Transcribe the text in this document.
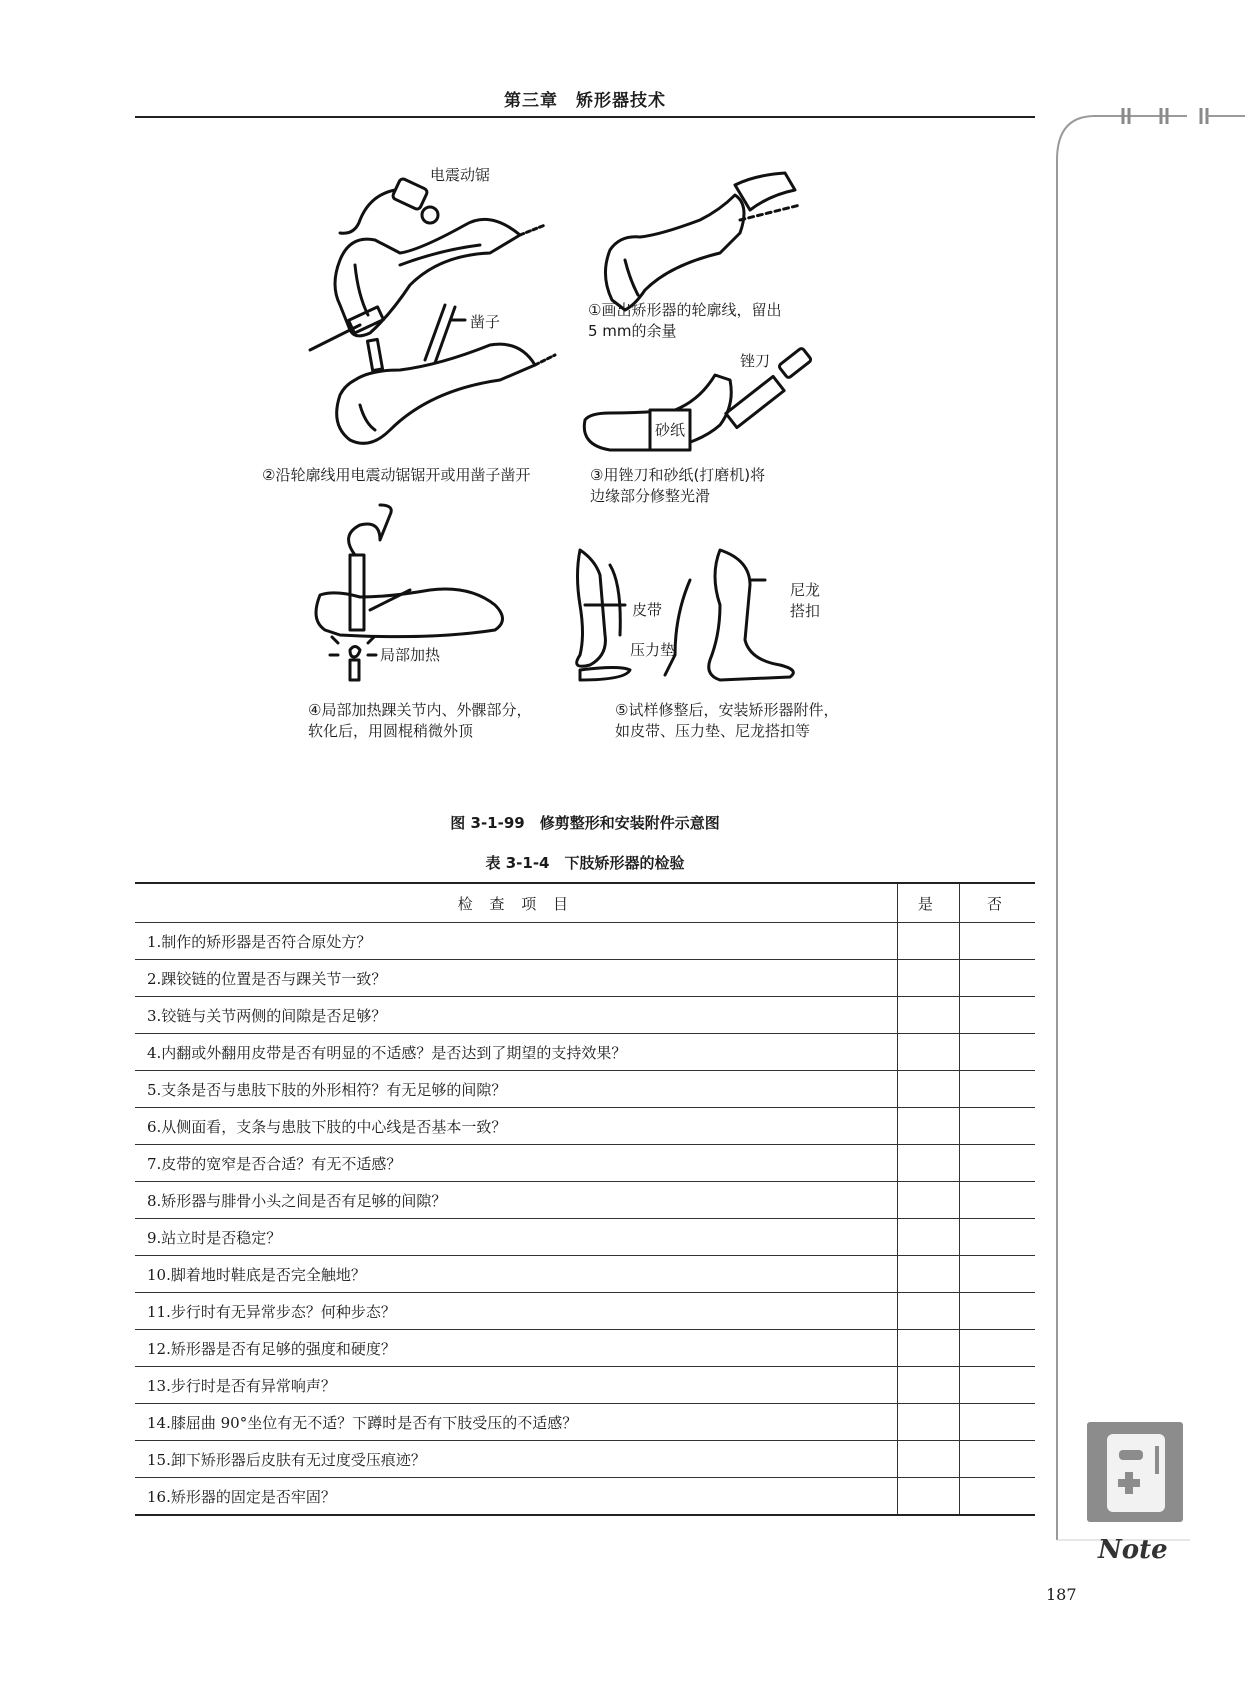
第三章　矫形器技术
Note
电震动锯
①画出矫形器的轮廓线，留出
5 mm的余量
凿子
锉刀
砂纸
②沿轮廓线用电震动锯锯开或用凿子凿开	③用锉刀和砂纸(打磨机)将
边缘部分修整光滑
皮带
尼龙
搭扣
压力垫
局部加热
④局部加热踝关节内、外髁部分，
软化后，用圆棍稍微外顶
⑤试样修整后，安装矫形器附件，
如皮带、压力垫、尼龙搭扣等
图 3-1-99　修剪整形和安装附件示意图
表 3-1-4　下肢矫形器的检验
检 查 项 目	是	否
1.制作的矫形器是否符合原处方？		
2.踝铰链的位置是否与踝关节一致？		
3.铰链与关节两侧的间隙是否足够？		
4.内翻或外翻用皮带是否有明显的不适感？是否达到了期望的支持效果？		
5.支条是否与患肢下肢的外形相符？有无足够的间隙？		
6.从侧面看，支条与患肢下肢的中心线是否基本一致？		
7.皮带的宽窄是否合适？有无不适感？		
8.矫形器与腓骨小头之间是否有足够的间隙？		
9.站立时是否稳定？		
10.脚着地时鞋底是否完全触地？		
11.步行时有无异常步态？何种步态？		
12.矫形器是否有足够的强度和硬度？		
13.步行时是否有异常响声？		
14.膝屈曲 90°坐位有无不适？下蹲时是否有下肢受压的不适感？		
15.卸下矫形器后皮肤有无过度受压痕迹？		
16.矫形器的固定是否牢固？		
187
